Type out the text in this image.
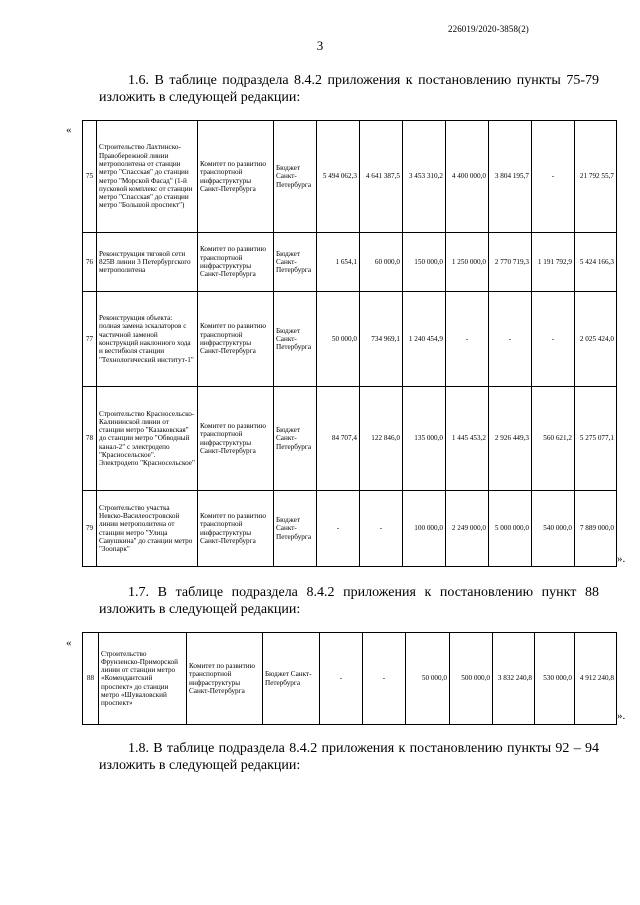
226019/2020-3858(2)
3
1.6. В таблице подраздела 8.4.2 приложения к постановлению пункты 75-79 изложить в следующей редакции:
«
75	Строительство Лахтинско-Правобережной линии метрополитена от станции метро "Спасская" до станции метро "Морской Фасад" (1-й пусковой комплекс от станции метро "Спасская" до станции метро "Большой проспект")	Комитет по развитию транспортной инфраструктуры Санкт-Петербурга	Бюджет Санкт-Петербурга	5 494 062,3	4 641 387,5	3 453 310,2	4 400 000,0	3 804 195,7	-	21 792 55,7
76	Реконструкция тяговой сети 825В линии 3 Петербургского метрополитена	Комитет по развитию транспортной инфраструктуры Санкт-Петербурга	Бюджет Санкт-Петербурга	1 654,1	60 000,0	150 000,0	1 250 000,0	2 770 719,3	1 191 792,9	5 424 166,3
77	Реконструкция объекта: полная замена эскалаторов с частичной заменой конструкций наклонного хода и вестибюля станции "Технологический институт-1"	Комитет по развитию транспортной инфраструктуры Санкт-Петербурга	Бюджет Санкт-Петербурга	50 000,0	734 969,1	1 240 454,9	-	-	-	2 025 424,0
78	Строительство Красносельско-Калининской линии от станции метро "Казаковская" до станции метро "Обводный канал-2" с электродепо "Красносельское". Электродепо "Красносельское"	Комитет по развитию транспортной инфраструктуры Санкт-Петербурга	Бюджет Санкт-Петербурга	84 707,4	122 846,0	135 000,0	1 445 453,2	2 926 449,3	560 621,2	5 275 077,1
79	Строительство участка Невско-Василеостровской линии метрополитена от станции метро "Улица Савушкина" до станции метро "Зоопарк"	Комитет по развитию транспортной инфраструктуры Санкт-Петербурга	Бюджет Санкт-Петербурга	-	-	100 000,0	2 249 000,0	5 000 000,0	540 000,0	7 889 000,0
».
1.7. В таблице подраздела 8.4.2 приложения к постановлению пункт 88 изложить в следующей редакции:
«
88	Строительство Фрунзенско-Приморской линии от станции метро «Комендантский проспект» до станции метро «Шуваловский проспект»	Комитет по развитию транспортной инфраструктуры Санкт-Петербурга	Бюджет Санкт-Петербурга	-	-	50 000,0	500 000,0	3 832 240,8	530 000,0	4 912 240,8
».
1.8. В таблице подраздела 8.4.2 приложения к постановлению пункты 92 – 94 изложить в следующей редакции:
